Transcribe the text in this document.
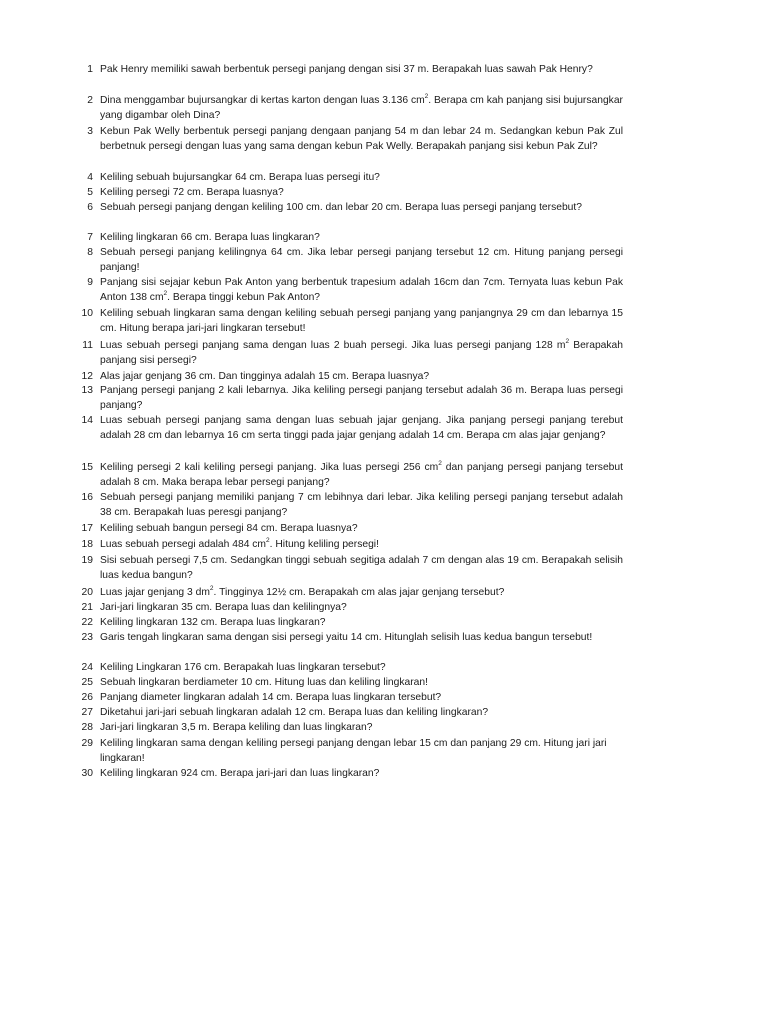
1 Pak Henry memiliki sawah berbentuk persegi panjang dengan sisi 37 m. Berapakah luas sawah Pak Henry?
2 Dina menggambar bujursangkar di kertas karton dengan luas 3.136 $cm^2$. Berapa cm kah panjang sisi bujursangkar yang digambar oleh Dina?
3 Kebun Pak Welly berbentuk persegi panjang dengaan panjang 54 m dan lebar 24 m. Sedangkan kebun Pak Zul berbetnuk persegi dengan luas yang sama dengan kebun Pak Welly. Berapakah panjang sisi kebun Pak Zul?
4 Keliling sebuah bujursangkar 64 cm. Berapa luas persegi itu?
5 Keliling persegi 72 cm. Berapa luasnya?
6 Sebuah persegi panjang dengan keliling 100 cm. dan lebar 20 cm. Berapa luas persegi panjang tersebut?
7 Keliling lingkaran 66 cm. Berapa luas lingkaran?
8 Sebuah persegi panjang kelilingnya 64 cm. Jika lebar persegi panjang tersebut 12 cm. Hitung panjang persegi panjang!
9 Panjang sisi sejajar kebun Pak Anton yang berbentuk trapesium adalah 16cm dan 7cm. Ternyata luas kebun Pak Anton 138 $cm^2$. Berapa tinggi kebun Pak Anton?
10 Keliling sebuah lingkaran sama dengan keliling sebuah persegi panjang yang panjangnya 29 cm dan lebarnya 15 cm. Hitung berapa jari-jari lingkaran tersebut!
11 Luas sebuah persegi panjang sama dengan luas 2 buah persegi. Jika luas persegi panjang 128 $m^2$ Berapakah panjang sisi persegi?
12 Alas jajar genjang 36 cm. Dan tingginya adalah 15 cm. Berapa luasnya?
13 Panjang persegi panjang 2 kali lebarnya. Jika keliling persegi panjang tersebut adalah 36 m. Berapa luas persegi panjang?
14 Luas sebuah persegi panjang sama dengan luas sebuah jajar genjang. Jika panjang persegi panjang terebut adalah 28 cm dan lebarnya 16 cm serta tinggi pada jajar genjang adalah 14 cm. Berapa cm alas jajar genjang?
15 Keliling persegi 2 kali keliling persegi panjang. Jika luas persegi 256 $cm^2$ dan panjang persegi panjang tersebut adalah 8 cm. Maka berapa lebar persegi panjang?
16 Sebuah persegi panjang memiliki panjang 7 cm lebihnya dari lebar. Jika keliling persegi panjang tersebut adalah 38 cm. Berapakah luas peresgi panjang?
17 Keliling sebuah bangun persegi 84 cm. Berapa luasnya?
18 Luas sebuah persegi adalah 484 $cm^2$. Hitung keliling persegi!
19 Sisi sebuah persegi 7,5 cm. Sedangkan tinggi sebuah segitiga adalah 7 cm dengan alas 19 cm. Berapakah selisih luas kedua bangun?
20 Luas jajar genjang 3 $dm^2$. Tingginya 12½ cm. Berapakah cm alas jajar genjang tersebut?
21 Jari-jari lingkaran 35 cm. Berapa luas dan kelilingnya?
22 Keliling lingkaran 132 cm. Berapa luas lingkaran?
23 Garis tengah lingkaran sama dengan sisi persegi yaitu 14 cm. Hitunglah selisih luas kedua bangun tersebut!
24 Keliling Lingkaran 176 cm. Berapakah luas lingkaran tersebut?
25 Sebuah lingkaran berdiameter 10 cm. Hitung luas dan keliling lingkaran!
26 Panjang diameter lingkaran adalah 14 cm. Berapa luas lingkaran tersebut?
27 Diketahui jari-jari sebuah lingkaran adalah 12 cm. Berapa luas dan keliling lingkaran?
28 Jari-jari lingkaran 3,5 m. Berapa keliling dan luas lingkaran?
29 Keliling lingkaran sama dengan keliling persegi panjang dengan lebar 15 cm dan panjang 29 cm. Hitung jari jari lingkaran!
30 Keliling lingkaran 924 cm. Berapa jari-jari dan luas lingkaran?
